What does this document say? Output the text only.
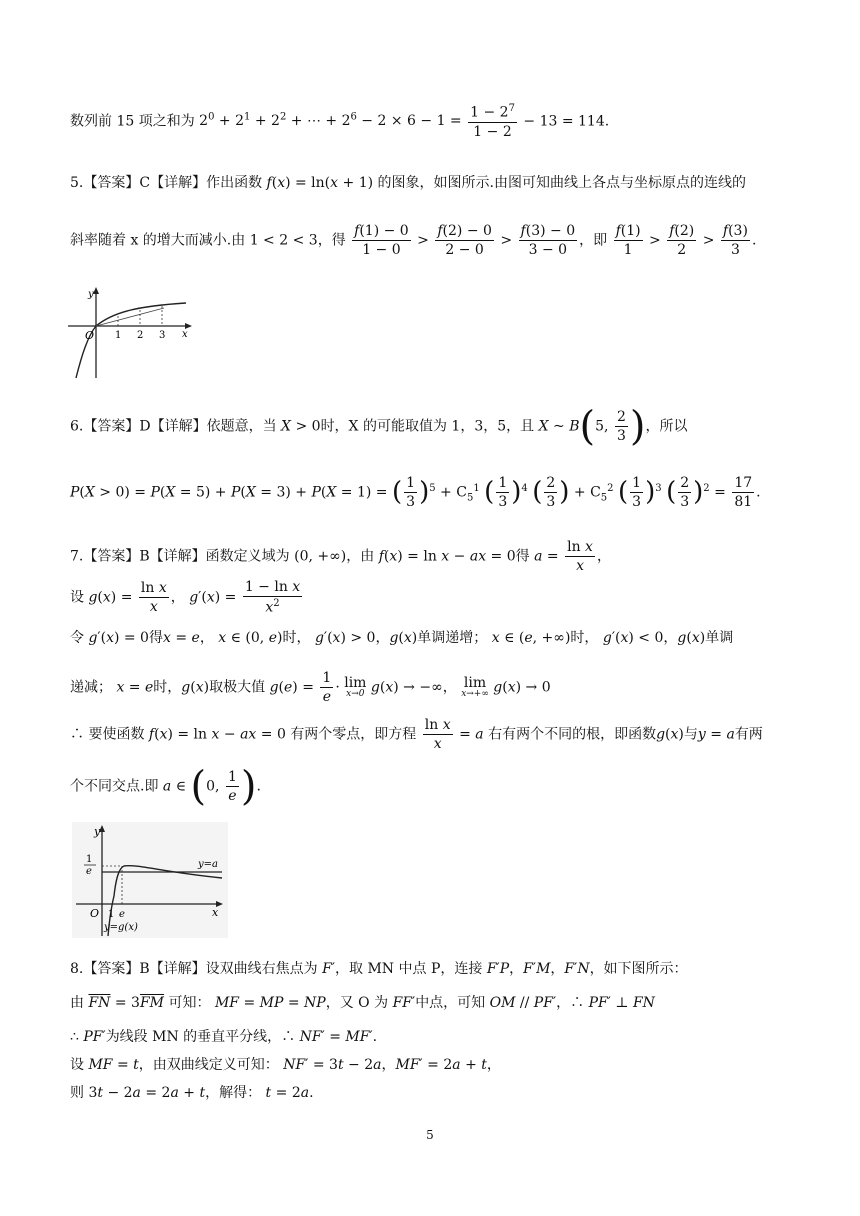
数列前 15 项之和为 $2^0 + 2^1 + 2^2$ + ⋯ + $2^6 - 2 \times 6 - 1 = \frac{1 - 2^7}{1 - 2} - 13 = 114$.
5.【答案】C【详解】作出函数 f(x) = ln(x + 1) 的图象，如图所示.由图可知曲线上各点与坐标原点的连线的
斜率随着 x 的增大而减小.由 1 < 2 < 3，得 $\frac{f(1) - 0}{1 - 0} > \frac{f(2) - 0}{2 - 0} > \frac{f(3) - 0}{3 - 0}$ ，即 $\frac{f(1)}{1} > \frac{f(2)}{2} > \frac{f(3)}{3}$ .
y
x
O 1 2 3
6.【答案】D【详解】依题意，当 X > 0时，X 的可能取值为 1，3，5，且 X ~ B(5, $\frac{2}{3}$ )，所以
P(X > 0) = P(X = 5) + P(X = 3) + P(X = 1) = ( $\frac{1}{3} )^5 + C_5^1$ ( $\frac{1}{3} )^4$ ( $\frac{2}{3}$ ) + $C_5^2$ ( $\frac{1}{3} )^3$ ( $\frac{2}{3} )^2 = \frac{17}{81}$ .
7.【答案】B【详解】函数定义域为 (0, +∞)，由 f(x) = ln x − ax = 0得 $a = \frac{\text{ln x}}{x}$ ，
设 $g(x) = \frac{\text{ln x}}{x}$ ， $g'(x) = \frac{\text{1 − ln x}}{x^2}$
令 g′(x) = 0得x = e， x ∈ (0, e)时， g′(x) > 0，g(x)单调递增； x ∈ (e, +∞)时， g′(x) < 0，g(x)单调
递减； x = e时，g(x)取极大值 $g(e) = \frac{1}{e} \cdot \lim$
x→0 g(x) → −∞， lim
x→+∞ g(x) → 0
∴ 要使函数 f(x) = ln x − ax = 0 有两个零点，即方程 $\frac{\text{ln x}}{x} = a$ 右有两个不同的根，即函数g(x)与y = a有两
个不同交点.即 a ∈ (0, $\frac{1}{e}$ ).
y
x
O 1 e
1
e
y=a
y=g(x)
8.【答案】B【详解】设双曲线右焦点为 F′，取 MN 中点 P，连接 F′P，F′M，F′N，如下图所示：
由 $\overline{FN} = 3\overline{FM}$ 可知： MF = MP = NP，又 O 为 FF′中点，可知 OM // PF′，∴ PF′ ⊥ FN
∴ PF′为线段 MN 的垂直平分线，∴ NF′ = MF′.
设 MF = t，由双曲线定义可知： NF′ = 3t − 2a，MF′ = 2a + t，
则 3t − 2a = 2a + t，解得： t = 2a.
5
